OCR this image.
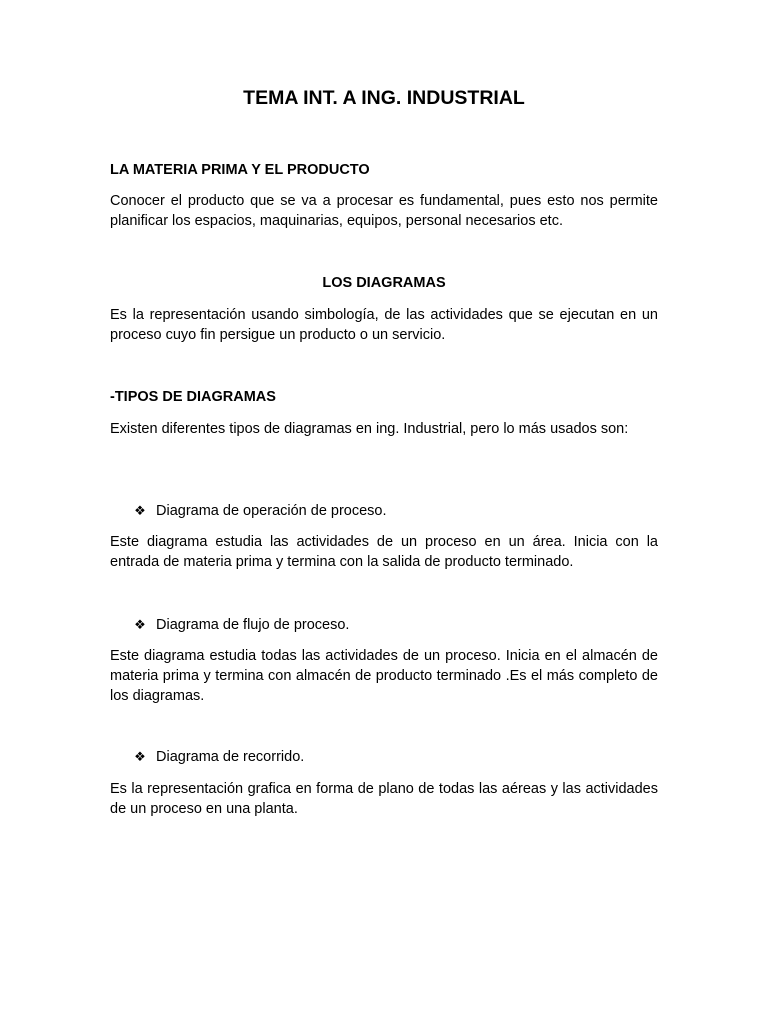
TEMA INT. A ING. INDUSTRIAL
LA MATERIA PRIMA Y EL PRODUCTO

Conocer el producto que se va a procesar es fundamental, pues esto nos permite planificar los espacios, maquinarias, equipos, personal necesarios etc.

LOS DIAGRAMAS

Es la representación usando simbología, de las actividades que se ejecutan en un proceso cuyo fin persigue un producto o un servicio.

-TIPOS DE DIAGRAMAS

Existen diferentes tipos de diagramas en ing. Industrial, pero lo más usados son:

❖ Diagrama de operación de proceso.

Este diagrama estudia las actividades de un proceso en un área. Inicia con la entrada de materia prima y termina con la salida de producto terminado.

❖ Diagrama de flujo de proceso.

Este diagrama estudia todas las actividades de un proceso. Inicia en el almacén de materia prima y termina con almacén de producto terminado .Es el más completo de los diagramas.

❖ Diagrama de recorrido.

Es la representación grafica en forma de plano de todas las aéreas y las actividades de un proceso en una planta.
